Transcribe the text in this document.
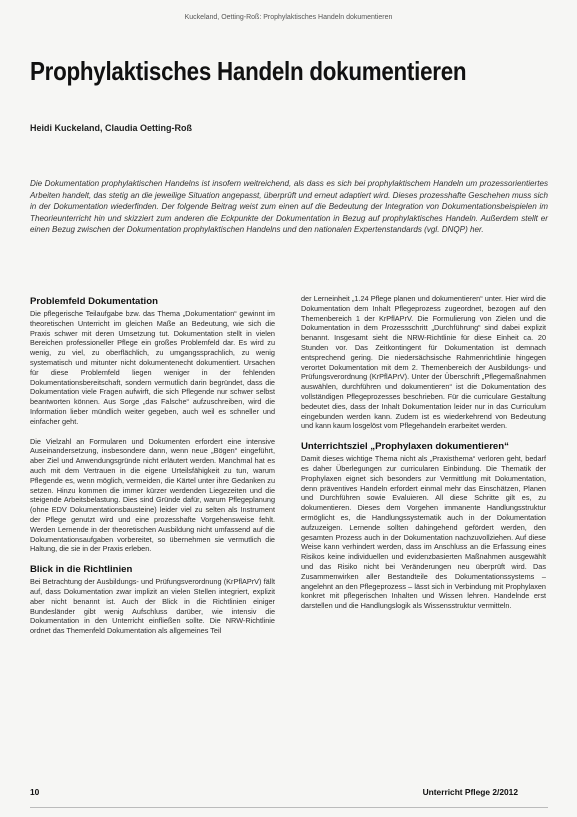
Kuckeland, Oetting-Roß: Prophylaktisches Handeln dokumentieren
Prophylaktisches Handeln dokumentieren
Heidi Kuckeland, Claudia Oetting-Roß
Die Dokumentation prophylaktischen Handelns ist insofern weitreichend, als dass es sich bei prophylaktischem Handeln um prozessorientiertes Arbeiten handelt, das stetig an die jeweilige Situation angepasst, überprüft und erneut adaptiert wird. Dieses prozesshafte Geschehen muss sich in der Dokumentation wiederfinden. Der folgende Beitrag weist zum einen auf die Bedeutung der Integration von Dokumentationsbeispielen im Theorieunterricht hin und skizziert zum anderen die Eckpunkte der Dokumentation in Bezug auf prophylaktisches Handeln. Außerdem stellt er einen Bezug zwischen der Dokumentation prophylaktischen Handelns und den nationalen Expertenstandards (vgl. DNQP) her.
Problemfeld Dokumentation

Die pflegerische Teilaufgabe bzw. das Thema „Dokumentation“ gewinnt im theoretischen Unterricht im gleichen Maße an Bedeutung, wie sich die Praxis schwer mit deren Umsetzung tut. Dokumentation stellt in vielen Bereichen professioneller Pflege ein großes Problemfeld dar. Es wird zu wenig, zu viel, zu oberflächlich, zu umgangssprachlich, zu wenig systematisch und mitunter nicht dokumentenecht dokumentiert. Ursachen für diese Problemfeld liegen weniger in der fehlenden Dokumentationsbereitschaft, sondern vermutlich darin begründet, dass die Dokumentation viele Fragen aufwirft, die sich Pflegende nur schwer selbst beantworten können. Aus Sorge „das Falsche“ aufzuschreiben, wird die Information lieber mündlich weiter gegeben, auch weil es schneller und einfacher geht.

Die Vielzahl an Formularen und Dokumenten erfordert eine intensive Auseinandersetzung, insbesondere dann, wenn neue „Bögen“ eingeführt, aber Ziel und Anwendungsgründe nicht erläutert werden. Manchmal hat es auch mit dem Vertrauen in die eigene Urteilsfähigkeit zu tun, warum Pflegende es, wenn möglich, vermeiden, die Kärtel unter ihre Gedanken zu setzen. Hinzu kommen die immer kürzer werdenden Liegezeiten und die steigende Arbeitsbelastung. Dies sind Gründe dafür, warum Pflegeplanung (ohne EDV Dokumentationsbausteine) leider viel zu selten als Instrument der Pflege genutzt wird und eine prozesshafte Vorgehensweise fehlt. Werden Lernende in der theoretischen Ausbildung nicht umfassend auf die Dokumentationsaufgaben vorbereitet, so übernehmen sie vermutlich die Haltung, die sie in der Praxis erleben.

Blick in die Richtlinien

Bei Betrachtung der Ausbildungs- und Prüfungsverordnung (KrPflAPrV) fällt auf, dass Dokumentation zwar implizit an vielen Stellen integriert, explizit aber nicht benannt ist. Auch der Blick in die Richtlinien einiger Bundesländer gibt wenig Aufschluss darüber, wie intensiv die Dokumentation in den Unterricht einfließen sollte. Die NRW-Richtlinie ordnet das Themenfeld Dokumentation als allgemeines Teil

der Lerneinheit „1.24 Pflege planen und dokumentieren“ unter. Hier wird die Dokumentation dem Inhalt Pflegeprozess zugeordnet, bezogen auf den Themenbereich 1 der KrPflAPrV. Die Formulierung von Zielen und die Dokumentation in dem Prozessschritt „Durchführung“ sind dabei explizit benannt. Insgesamt sieht die NRW-Richtlinie für diese Einheit ca. 20 Stunden vor. Das Zeitkontingent für Dokumentation ist demnach entsprechend gering. Die niedersächsische Rahmenrichtlinie hingegen verortet Dokumentation mit dem 2. Themenbereich der Ausbildungs- und Prüfungsverordnung (KrPflAPrV). Unter der Überschrift „Pflegemaßnahmen auswählen, durchführen und dokumentieren“ ist die Dokumentation des vollständigen Pflegeprozesses beschrieben. Für die curriculare Gestaltung bedeutet dies, dass der Inhalt Dokumentation leider nur in das Curriculum eingebunden werden kann. Zudem ist es wiederkehrend von Bedeutung und kann kaum losgelöst vom Pflegehandeln erarbeitet werden.

Unterrichtsziel „Prophylaxen dokumentieren“

Damit dieses wichtige Thema nicht als „Praxisthema“ verloren geht, bedarf es daher Überlegungen zur curricularen Einbindung. Die Thematik der Prophylaxen eignet sich besonders zur Vermittlung mit Dokumentation, denn präventives Handeln erfordert einmal mehr das Einschätzen, Planen und Durchführen sowie Evaluieren. All diese Schritte gilt es, zu dokumentieren. Dieses dem Vorgehen immanente Handlungsstruktur ermöglicht es, die Handlungssystematik auch in der Dokumentation aufzuzeigen. Lernende sollten dahingehend gefördert werden, den gesamten Prozess auch in der Dokumentation nachzuvollziehen. Auf diese Weise kann verhindert werden, dass im Anschluss an die Erfassung eines Risikos keine individuellen und evidenzbasierten Maßnahmen ausgewählt und das Risiko nicht bei Veränderungen neu überprüft wird. Das Zusammenwirken aller Bestandteile des Dokumentationssystems – angelehnt an den Pflegeprozess – lässt sich in Verbindung mit Prophylaxen konkret mit pflegerischen Inhalten und Wissen lehren. Handelnde erst darstellen und die Handlungslogik als Wissensstruktur vermitteln.

10	Unterricht Pflege 2/2012
